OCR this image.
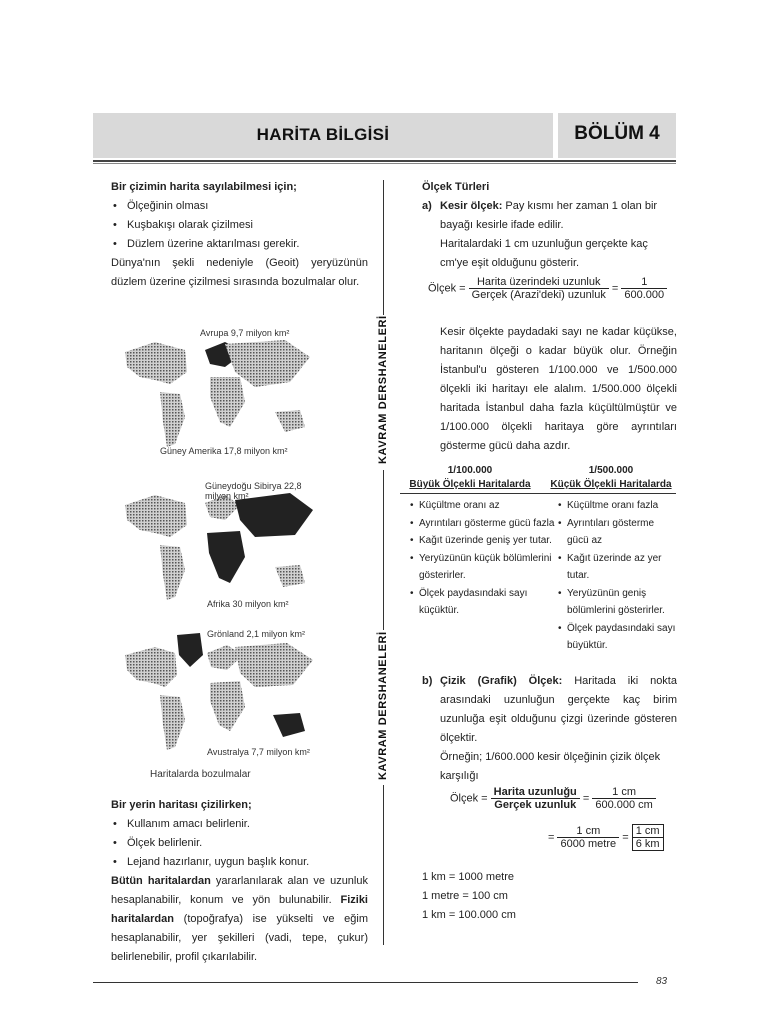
HARİTA BİLGİSİ	BÖLÜM 4
KAVRAM DERSHANELERİ
KAVRAM DERSHANELERİ

Bir çizimin harita sayılabilmesi için;

• Ölçeğinin olması

• Kuşbakışı olarak çizilmesi

• Düzlem üzerine aktarılması gerekir.

Dünya'nın şekli nedeniyle (Geoit) yeryüzünün düzlem üzerine çizilmesi sırasında bozulmalar olur.

Avrupa 9,7 milyon km²
Güney Amerika 17,8 milyon km²
Güneydoğu Sibirya 22,8 milyon km²
Afrika 30 milyon km²
Grönland 2,1 milyon km²
Avustralya 7,7 milyon km²
Haritalarda bozulmalar

Bir yerin haritası çizilirken;

• Kullanım amacı belirlenir.

• Ölçek belirlenir.

• Lejand hazırlanır, uygun başlık konur.

Bütün haritalardan yararlanılarak alan ve uzunluk hesaplanabilir, konum ve yön bulunabilir. Fiziki haritalardan (topoğrafya) ise yükselti ve eğim hesaplanabilir, yer şekilleri (vadi, tepe, çukur) belirlenebilir, profil çıkarılabilir.

Ölçek Türleri

a) Kesir ölçek: Pay kısmı her zaman 1 olan bir bayağı kesirle ifade edilir.

Haritalardaki 1 cm uzunluğun gerçekte kaç cm'ye eşit olduğunu gösterir.

Ölçek = $\frac{\text{Harita üzerindeki uzunluk}}{\text{Gerçek (Arazi'deki) uzunluk}} = \frac{1}{600.000}$
Kesir ölçekte paydadaki sayı ne kadar küçükse, haritanın ölçeği o kadar büyük olur. Örneğin İstanbul'u gösteren 1/100.000 ve 1/500.000 ölçekli iki haritayı ele alalım. 1/500.000 ölçekli haritada İstanbul daha fazla küçültülmüştür ve 1/100.000 ölçekli haritaya göre ayrıntıları gösterme gücü daha azdır.
1/100.000
Büyük Ölçekli Haritalarda
1/500.000
Küçük Ölçekli Haritalarda
• Küçültme oranı az
• Ayrıntıları gösterme gücü fazla
• Kağıt üzerinde geniş yer tutar.
• Yeryüzünün küçük bölümlerini gösterirler.
• Ölçek paydasındaki sayı küçüktür.
• Küçültme oranı fazla
• Ayrıntıları gösterme gücü az
• Kağıt üzerinde az yer tutar.
• Yeryüzünün geniş bölümlerini gösterirler.
• Ölçek paydasındaki sayı büyüktür.

b) Çizik (Grafik) Ölçek: Haritada iki nokta arasındaki uzunluğun gerçekte kaç birim uzunluğa eşit olduğunu çizgi üzerinde gösteren ölçektir.

Örneğin; 1/600.000 kesir ölçeğinin çizik ölçek karşılığı

Ölçek = $\frac{\text{Harita uzunluğu}}{\text{Gerçek uzunluk}} = \frac{1 cm}{600.000 cm}$
= $\frac{1 cm}{\text{6000 metre}} = \frac{1 cm}{6 km}$

1 km = 1000 metre

1 metre = 100 cm

1 km = 100.000 cm

83
